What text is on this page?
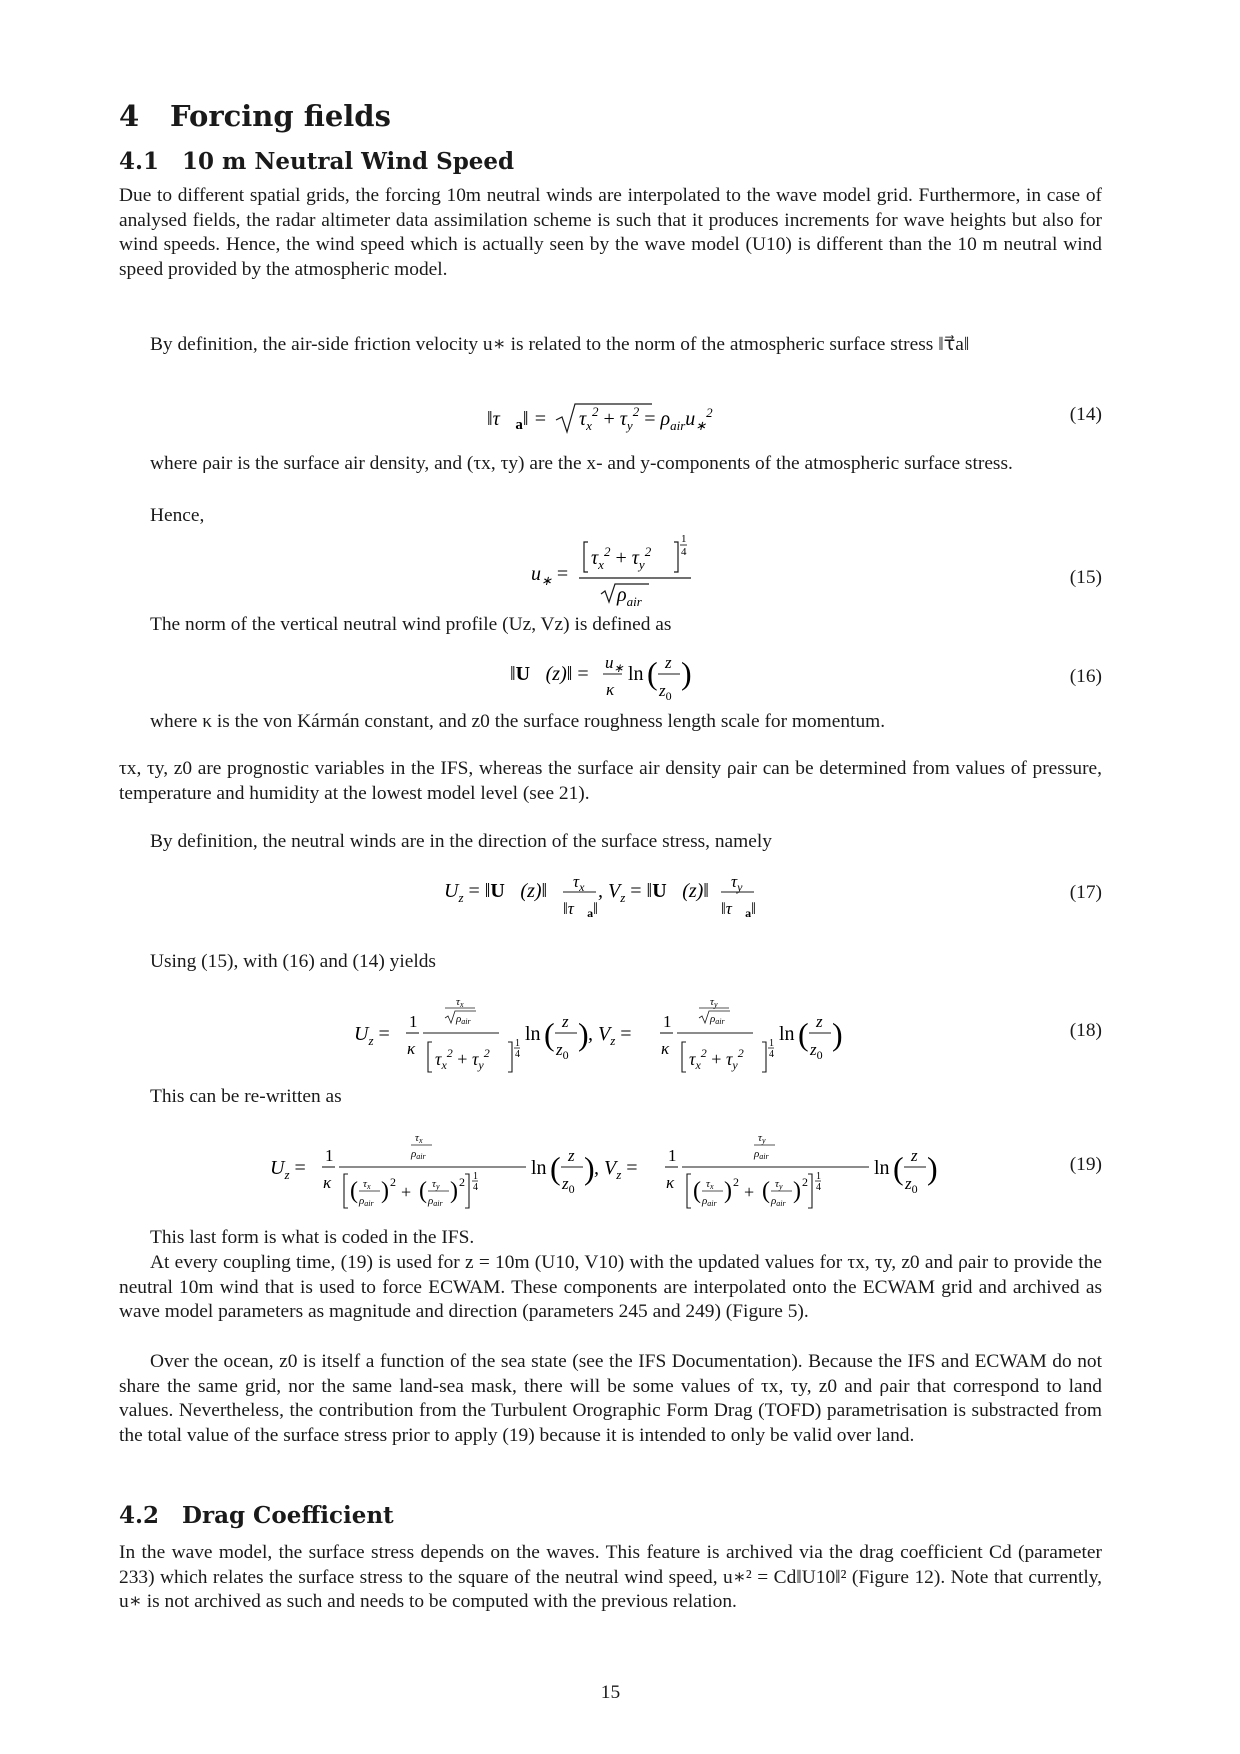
4 Forcing fields
4.1 10 m Neutral Wind Speed
Due to different spatial grids, the forcing 10m neutral winds are interpolated to the wave model grid. Furthermore, in case of analysed fields, the radar altimeter data assimilation scheme is such that it produces increments for wave heights but also for wind speeds. Hence, the wind speed which is actually seen by the wave model (U10) is different than the 10 m neutral wind speed provided by the atmospheric model.
By definition, the air-side friction velocity u∗ is related to the norm of the atmospheric surface stress ‖τ⃗a‖
$‖\tau⃗_a‖ = \tau_x^2 + \tau_y^2 = \rho_{air}u_∗^2$	(14)
where ρair is the surface air density, and (τx, τy) are the x- and y-components of the atmospheric surface stress.
Hence,
$u_∗$ =
$\tau_x^2 + \tau_y^2$
1
4
$\rho_{air}$
(15)
The norm of the vertical neutral wind profile (Uz, Vz) is defined as
‖U⃗(z)‖ =
$u_∗$
κ
ln ( z
$z_0$
)	(16)
where κ is the von Kármán constant, and z0 the surface roughness length scale for momentum.
τx, τy, z0 are prognostic variables in the IFS, whereas the surface air density ρair can be determined from values of pressure, temperature and humidity at the lowest model level (see 21).
By definition, the neutral winds are in the direction of the surface stress, namely
$U_z$ = ‖U⃗(z)‖ $\tau_x$
‖τ⃗a‖
, $V_z$ = ‖U⃗(z)‖ $\tau_y$
‖τ⃗a‖
(17)
Using (15), with (16) and (14) yields
$U_z$ =
1
κ
τx
ρair
$\tau_x^2 + \tau_y^2$
1
4
ln ( z
$z_0$
) , $V_z$ =
1
κ
τy
ρair
$\tau_x^2 + \tau_y^2$
1
4
ln ( z
$z_0$
)	(18)
This can be re-written as
$U_z$ =
1
κ
τx
ρair
( τx
ρair ) 2 + ( τy
ρair ) 2 1
4
ln ( z
$z_0$
) , $V_z$ =
1
κ
τy
ρair
( τx
ρair ) 2 + ( τy
ρair ) 2 1
4
ln ( z
$z_0$
)	(19)
This last form is what is coded in the IFS.
At every coupling time, (19) is used for z = 10m (U10, V10) with the updated values for τx, τy, z0 and ρair to provide the neutral 10m wind that is used to force ECWAM. These components are interpolated onto the ECWAM grid and archived as wave model parameters as magnitude and direction (parameters 245 and 249) (Figure 5).
Over the ocean, z0 is itself a function of the sea state (see the IFS Documentation). Because the IFS and ECWAM do not share the same grid, nor the same land-sea mask, there will be some values of τx, τy, z0 and ρair that correspond to land values. Nevertheless, the contribution from the Turbulent Orographic Form Drag (TOFD) parametrisation is substracted from the total value of the surface stress prior to apply (19) because it is intended to only be valid over land.
4.2 Drag Coefficient
In the wave model, the surface stress depends on the waves. This feature is archived via the drag coefficient Cd (parameter 233) which relates the surface stress to the square of the neutral wind speed, u∗² = Cd‖U10‖² (Figure 12). Note that currently, u∗ is not archived as such and needs to be computed with the previous relation.
15
